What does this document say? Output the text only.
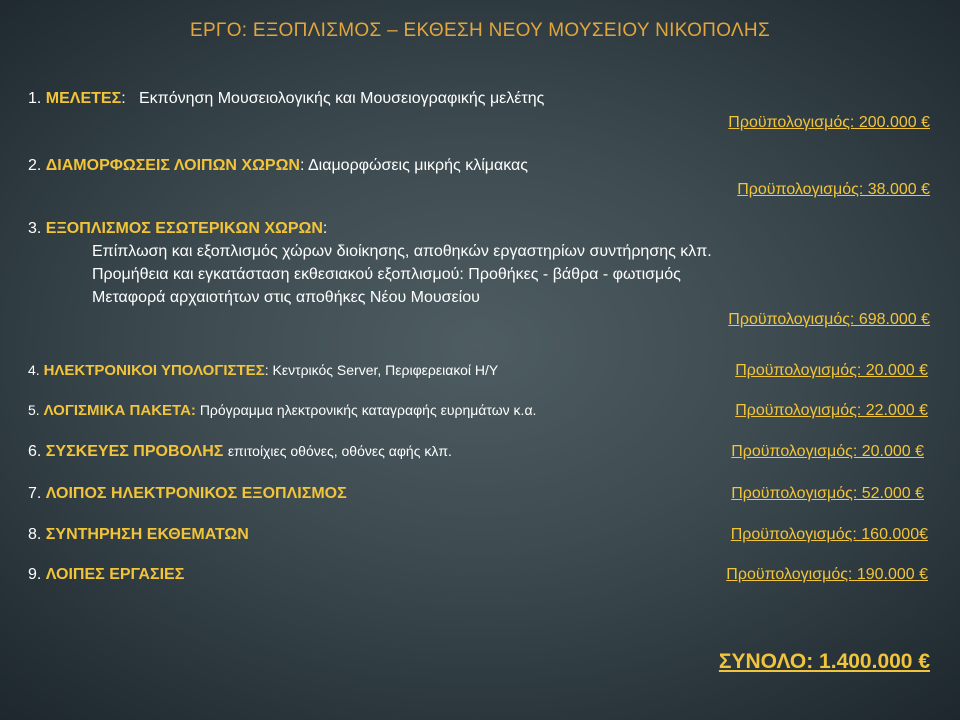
ΕΡΓΟ: ΕΞΟΠΛΙΣΜΟΣ – ΕΚΘΕΣΗ ΝΕΟΥ ΜΟΥΣΕΙΟΥ ΝΙΚΟΠΟΛΗΣ
1. ΜΕΛΕΤΕΣ: Εκπόνηση Μουσειολογικής και Μουσειογραφικής μελέτης
Προϋπολογισμός: 200.000 €
2. ΔΙΑΜΟΡΦΩΣΕΙΣ ΛΟΙΠΩΝ ΧΩΡΩΝ: Διαμορφώσεις μικρής κλίμακας
Προϋπολογισμός: 38.000 €
3. ΕΞΟΠΛΙΣΜΟΣ ΕΣΩΤΕΡΙΚΩΝ ΧΩΡΩΝ:
Επίπλωση και εξοπλισμός χώρων διοίκησης, αποθηκών εργαστηρίων συντήρησης κλπ.
Προμήθεια και εγκατάσταση εκθεσιακού εξοπλισμού: Προθήκες - βάθρα - φωτισμός
Μεταφορά αρχαιοτήτων στις αποθήκες Νέου Μουσείου
Προϋπολογισμός: 698.000 €
4. ΗΛΕΚΤΡΟΝΙΚΟΙ ΥΠΟΛΟΓΙΣΤΕΣ: Κεντρικός Server, Περιφερειακοί Η/Υ	Προϋπολογισμός: 20.000 €
5. ΛΟΓΙΣΜΙΚΑ ΠΑΚΕΤΑ: Πρόγραμμα ηλεκτρονικής καταγραφής ευρημάτων κ.α.	Προϋπολογισμός: 22.000 €
6. ΣΥΣΚΕΥΕΣ ΠΡΟΒΟΛΗΣ επιτοίχιες οθόνες, οθόνες αφής κλπ.	Προϋπολογισμός: 20.000 €
7. ΛΟΙΠΟΣ ΗΛΕΚΤΡΟΝΙΚΟΣ ΕΞΟΠΛΙΣΜΟΣ	Προϋπολογισμός: 52.000 €
8. ΣΥΝΤΗΡΗΣΗ ΕΚΘΕΜΑΤΩΝ	Προϋπολογισμός: 160.000€
9. ΛΟΙΠΕΣ ΕΡΓΑΣΙΕΣ	Προϋπολογισμός: 190.000 €
ΣΥΝΟΛΟ: 1.400.000 €
